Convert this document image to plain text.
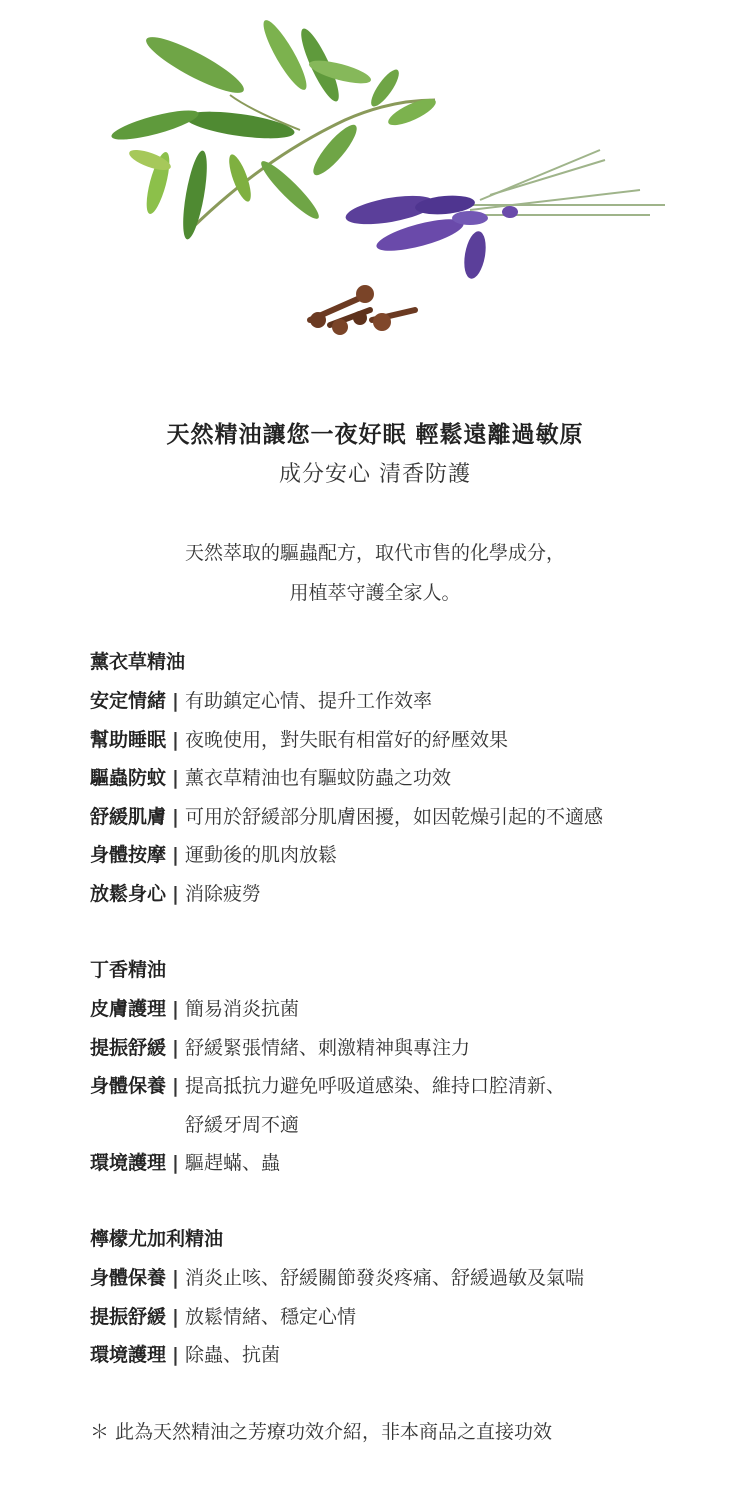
天然精油讓您一夜好眠 輕鬆遠離過敏原
成分安心 清香防護
天然萃取的驅蟲配方，取代市售的化學成分，
用植萃守護全家人。
薰衣草精油
安定情緒 | 有助鎮定心情、提升工作效率
幫助睡眠 | 夜晚使用，對失眠有相當好的紓壓效果
驅蟲防蚊 | 薰衣草精油也有驅蚊防蟲之功效
舒緩肌膚 | 可用於舒緩部分肌膚困擾，如因乾燥引起的不適感
身體按摩 | 運動後的肌肉放鬆
放鬆身心 | 消除疲勞
丁香精油
皮膚護理 | 簡易消炎抗菌
提振舒緩 | 舒緩緊張情緒、刺激精神與專注力
身體保養 | 提高抵抗力避免呼吸道感染、維持口腔清新、
舒緩牙周不適
環境護理 | 驅趕蟎、蟲
檸檬尤加利精油
身體保養 | 消炎止咳、舒緩關節發炎疼痛、舒緩過敏及氣喘
提振舒緩 | 放鬆情緒、穩定心情
環境護理 | 除蟲、抗菌
＊ 此為天然精油之芳療功效介紹，非本商品之直接功效
